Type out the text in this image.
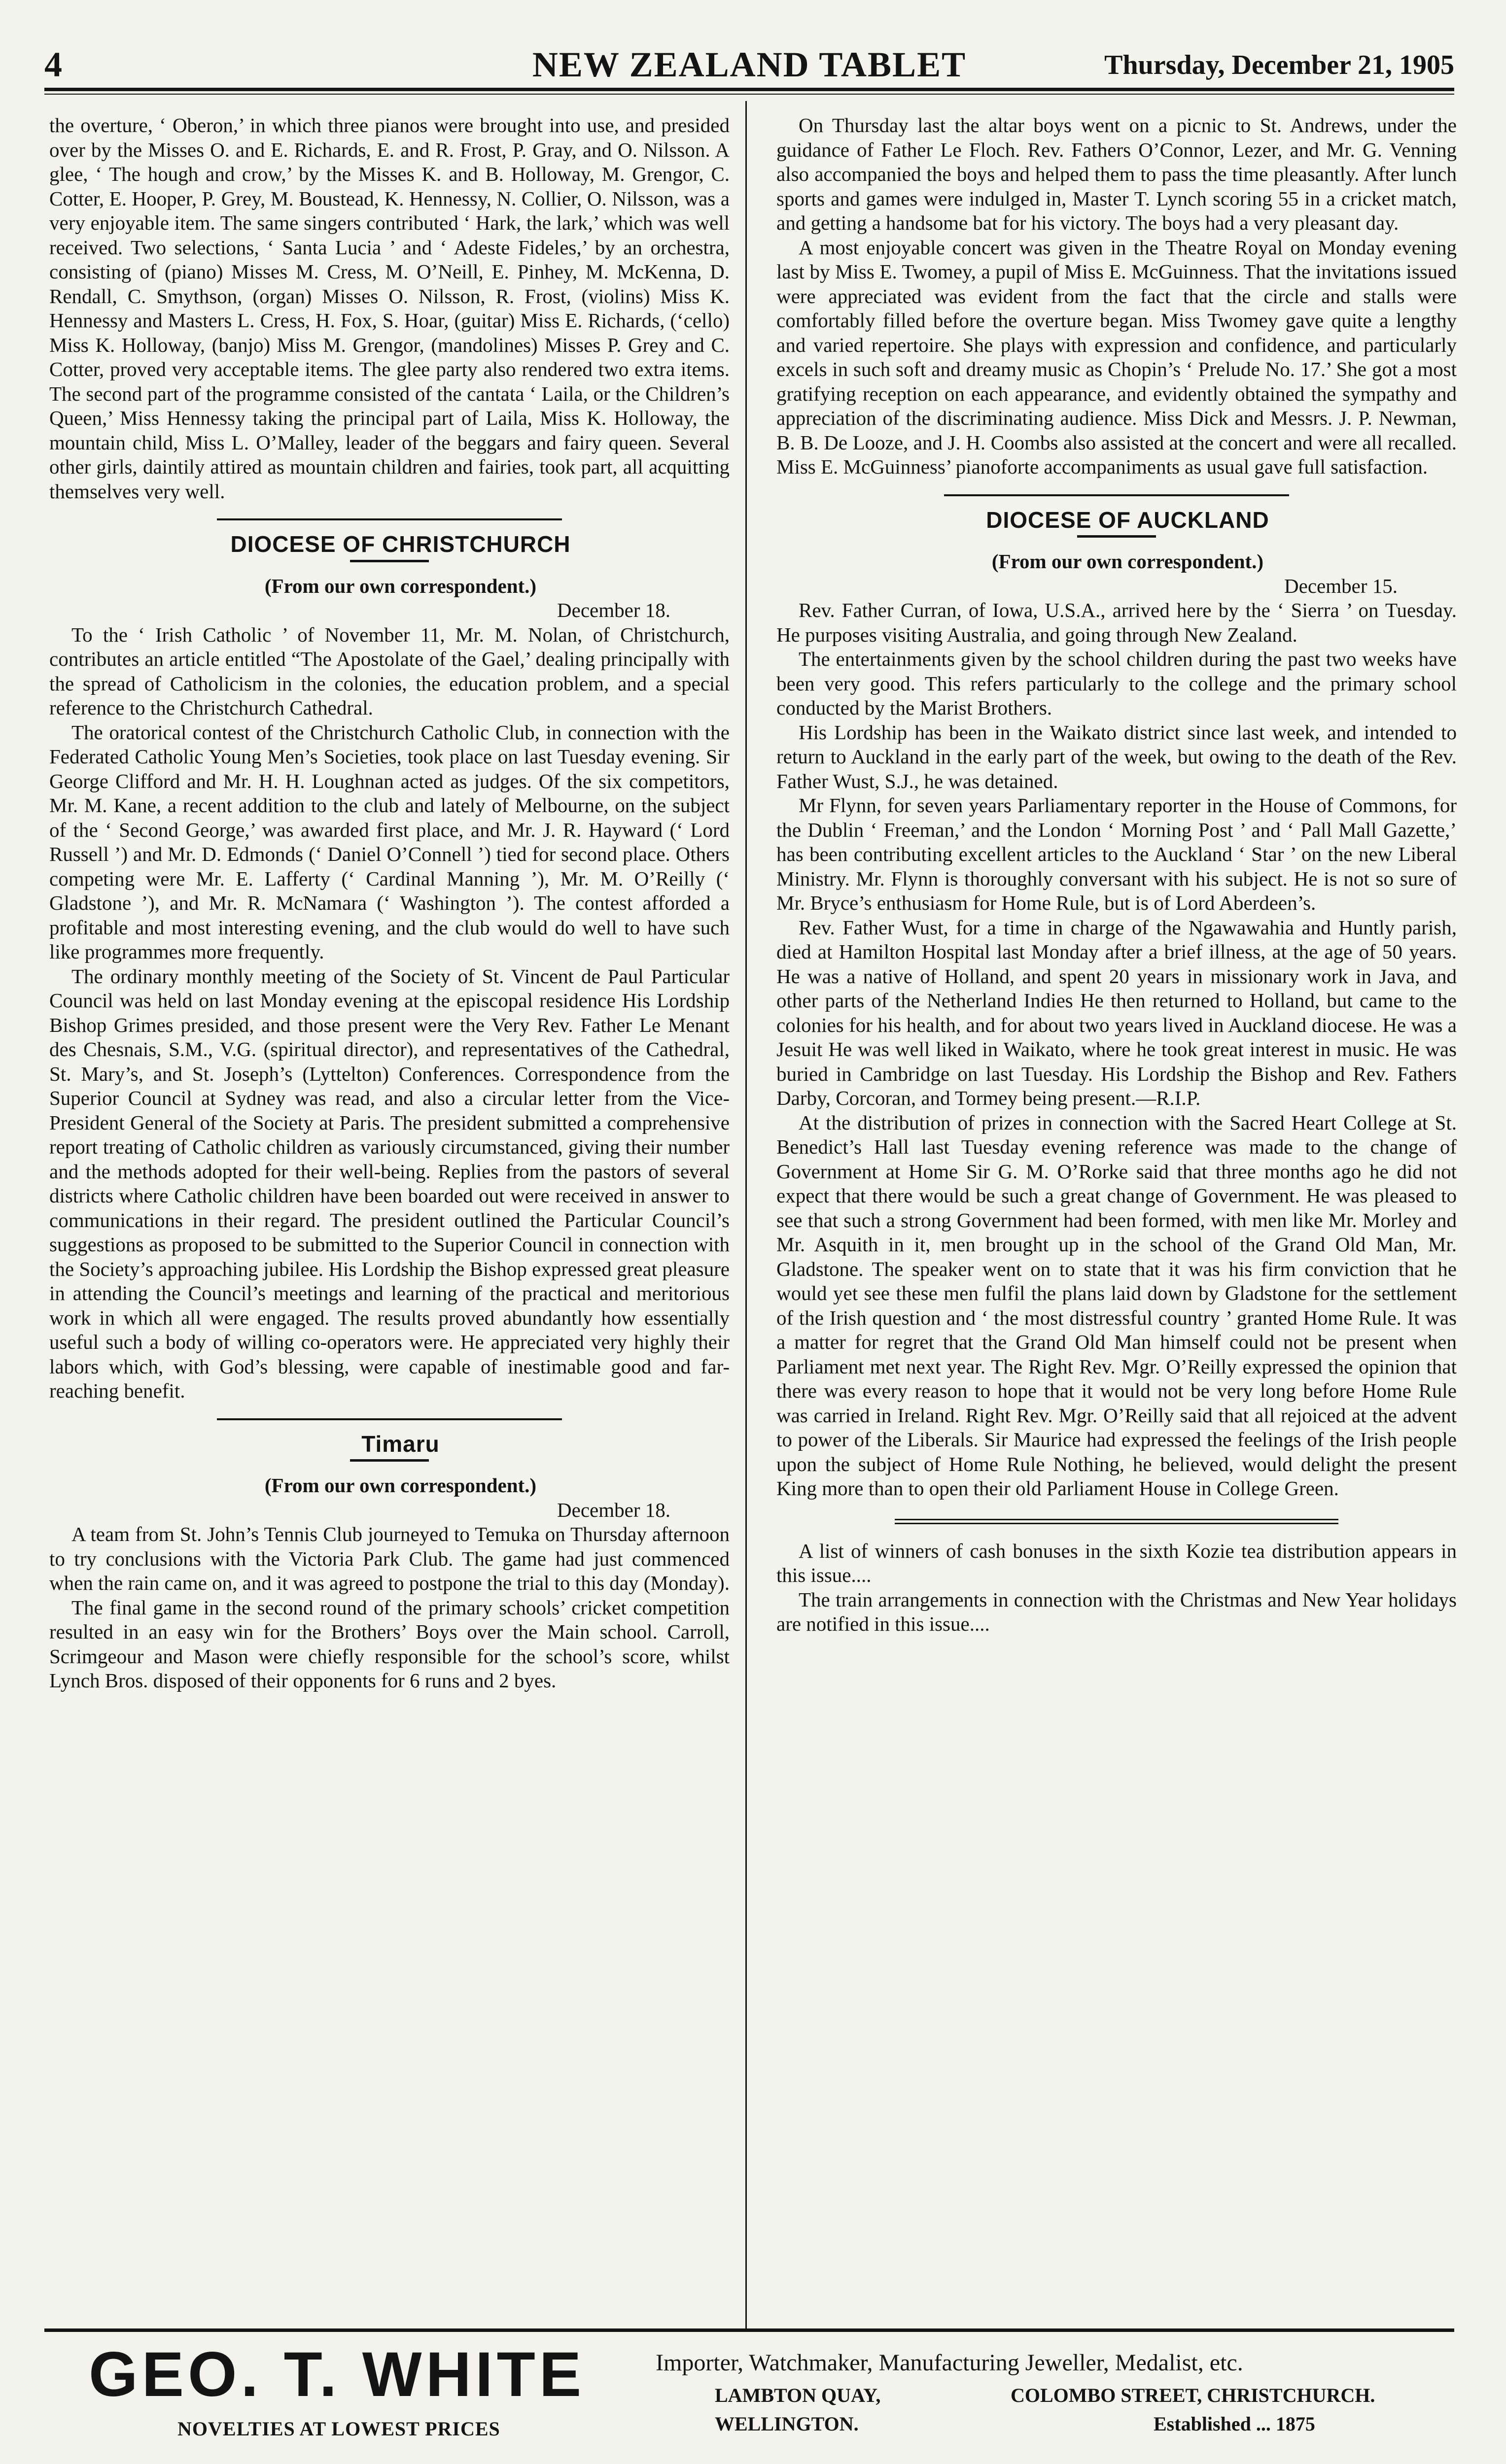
4	NEW ZEALAND TABLET	Thursday, December 21, 1905

the overture, ‘ Oberon,’ in which three pianos were brought into use, and presided over by the Misses O. and E. Richards, E. and R. Frost, P. Gray, and O. Nilsson. A glee, ‘ The hough and crow,’ by the Misses K. and B. Holloway, M. Grengor, C. Cotter, E. Hooper, P. Grey, M. Boustead, K. Hennessy, N. Collier, O. Nilsson, was a very enjoyable item. The same singers contributed ‘ Hark, the lark,’ which was well received. Two selections, ‘ Santa Lucia ’ and ‘ Adeste Fideles,’ by an orchestra, consisting of (piano) Misses M. Cress, M. O’Neill, E. Pinhey, M. McKenna, D. Rendall, C. Smythson, (organ) Misses O. Nilsson, R. Frost, (violins) Miss K. Hennessy and Masters L. Cress, H. Fox, S. Hoar, (guitar) Miss E. Richards, (‘cello) Miss K. Holloway, (banjo) Miss M. Grengor, (mandolines) Misses P. Grey and C. Cotter, proved very acceptable items. The glee party also rendered two extra items. The second part of the programme consisted of the cantata ‘ Laila, or the Children’s Queen,’ Miss Hennessy taking the principal part of Laila, Miss K. Holloway, the mountain child, Miss L. O’Malley, leader of the beggars and fairy queen. Several other girls, daintily attired as mountain children and fairies, took part, all acquitting themselves very well.

DIOCESE OF CHRISTCHURCH

(From our own correspondent.)

December 18.

To the ‘ Irish Catholic ’ of November 11, Mr. M. Nolan, of Christchurch, contributes an article entitled “The Apostolate of the Gael,’ dealing principally with the spread of Catholicism in the colonies, the education problem, and a special reference to the Christchurch Cathedral.

The oratorical contest of the Christchurch Catholic Club, in connection with the Federated Catholic Young Men’s Societies, took place on last Tuesday evening. Sir George Clifford and Mr. H. H. Loughnan acted as judges. Of the six competitors, Mr. M. Kane, a recent addition to the club and lately of Melbourne, on the subject of the ‘ Second George,’ was awarded first place, and Mr. J. R. Hayward (‘ Lord Russell ’) and Mr. D. Edmonds (‘ Daniel O’Connell ’) tied for second place. Others competing were Mr. E. Lafferty (‘ Cardinal Manning ’), Mr. M. O’Reilly (‘ Gladstone ’), and Mr. R. McNamara (‘ Washington ’). The contest afforded a profitable and most interesting evening, and the club would do well to have such like programmes more frequently.

The ordinary monthly meeting of the Society of St. Vincent de Paul Particular Council was held on last Monday evening at the episcopal residence His Lordship Bishop Grimes presided, and those present were the Very Rev. Father Le Menant des Chesnais, S.M., V.G. (spiritual director), and representatives of the Cathedral, St. Mary’s, and St. Joseph’s (Lyttelton) Conferences. Correspondence from the Superior Council at Sydney was read, and also a circular letter from the Vice-President General of the Society at Paris. The president submitted a comprehensive report treating of Catholic children as variously circumstanced, giving their number and the methods adopted for their well-being. Replies from the pastors of several districts where Catholic children have been boarded out were received in answer to communications in their regard. The president outlined the Particular Council’s suggestions as proposed to be submitted to the Superior Council in connection with the Society’s approaching jubilee. His Lordship the Bishop expressed great pleasure in attending the Council’s meetings and learning of the practical and meritorious work in which all were engaged. The results proved abundantly how essentially useful such a body of willing co-operators were. He appreciated very highly their labors which, with God’s blessing, were capable of inestimable good and far-reaching benefit.

Timaru

(From our own correspondent.)

December 18.

A team from St. John’s Tennis Club journeyed to Temuka on Thursday afternoon to try conclusions with the Victoria Park Club. The game had just commenced when the rain came on, and it was agreed to postpone the trial to this day (Monday).

The final game in the second round of the primary schools’ cricket competition resulted in an easy win for the Brothers’ Boys over the Main school. Carroll, Scrimgeour and Mason were chiefly responsible for the school’s score, whilst Lynch Bros. disposed of their opponents for 6 runs and 2 byes.

On Thursday last the altar boys went on a picnic to St. Andrews, under the guidance of Father Le Floch. Rev. Fathers O’Connor, Lezer, and Mr. G. Venning also accompanied the boys and helped them to pass the time pleasantly. After lunch sports and games were indulged in, Master T. Lynch scoring 55 in a cricket match, and getting a handsome bat for his victory. The boys had a very pleasant day.

A most enjoyable concert was given in the Theatre Royal on Monday evening last by Miss E. Twomey, a pupil of Miss E. McGuinness. That the invitations issued were appreciated was evident from the fact that the circle and stalls were comfortably filled before the overture began. Miss Twomey gave quite a lengthy and varied repertoire. She plays with expression and confidence, and particularly excels in such soft and dreamy music as Chopin’s ‘ Prelude No. 17.’ She got a most gratifying reception on each appearance, and evidently obtained the sympathy and appreciation of the discriminating audience. Miss Dick and Messrs. J. P. Newman, B. B. De Looze, and J. H. Coombs also assisted at the concert and were all recalled. Miss E. McGuinness’ pianoforte accompaniments as usual gave full satisfaction.

DIOCESE OF AUCKLAND

(From our own correspondent.)

December 15.

Rev. Father Curran, of Iowa, U.S.A., arrived here by the ‘ Sierra ’ on Tuesday. He purposes visiting Australia, and going through New Zealand.

The entertainments given by the school children during the past two weeks have been very good. This refers particularly to the college and the primary school conducted by the Marist Brothers.

His Lordship has been in the Waikato district since last week, and intended to return to Auckland in the early part of the week, but owing to the death of the Rev. Father Wust, S.J., he was detained.

Mr Flynn, for seven years Parliamentary reporter in the House of Commons, for the Dublin ‘ Freeman,’ and the London ‘ Morning Post ’ and ‘ Pall Mall Gazette,’ has been contributing excellent articles to the Auckland ‘ Star ’ on the new Liberal Ministry. Mr. Flynn is thoroughly conversant with his subject. He is not so sure of Mr. Bryce’s enthusiasm for Home Rule, but is of Lord Aberdeen’s.

Rev. Father Wust, for a time in charge of the Ngawawahia and Huntly parish, died at Hamilton Hospital last Monday after a brief illness, at the age of 50 years. He was a native of Holland, and spent 20 years in missionary work in Java, and other parts of the Netherland Indies He then returned to Holland, but came to the colonies for his health, and for about two years lived in Auckland diocese. He was a Jesuit He was well liked in Waikato, where he took great interest in music. He was buried in Cambridge on last Tuesday. His Lordship the Bishop and Rev. Fathers Darby, Corcoran, and Tormey being present.—R.I.P.

At the distribution of prizes in connection with the Sacred Heart College at St. Benedict’s Hall last Tuesday evening reference was made to the change of Government at Home Sir G. M. O’Rorke said that three months ago he did not expect that there would be such a great change of Government. He was pleased to see that such a strong Government had been formed, with men like Mr. Morley and Mr. Asquith in it, men brought up in the school of the Grand Old Man, Mr. Gladstone. The speaker went on to state that it was his firm conviction that he would yet see these men fulfil the plans laid down by Gladstone for the settlement of the Irish question and ‘ the most distressful country ’ granted Home Rule. It was a matter for regret that the Grand Old Man himself could not be present when Parliament met next year. The Right Rev. Mgr. O’Reilly expressed the opinion that there was every reason to hope that it would not be very long before Home Rule was carried in Ireland. Right Rev. Mgr. O’Reilly said that all rejoiced at the advent to power of the Liberals. Sir Maurice had expressed the feelings of the Irish people upon the subject of Home Rule Nothing, he believed, would delight the present King more than to open their old Parliament House in College Green.

A list of winners of cash bonuses in the sixth Kozie tea distribution appears in this issue....

The train arrangements in connection with the Christmas and New Year holidays are notified in this issue....

GEO. T. WHITE
NOVELTIES AT LOWEST PRICES
Importer, Watchmaker, Manufacturing Jeweller, Medalist, etc.
LAMBTON QUAY,	COLOMBO STREET, CHRISTCHURCH.
WELLINGTON.	Established ... 1875
